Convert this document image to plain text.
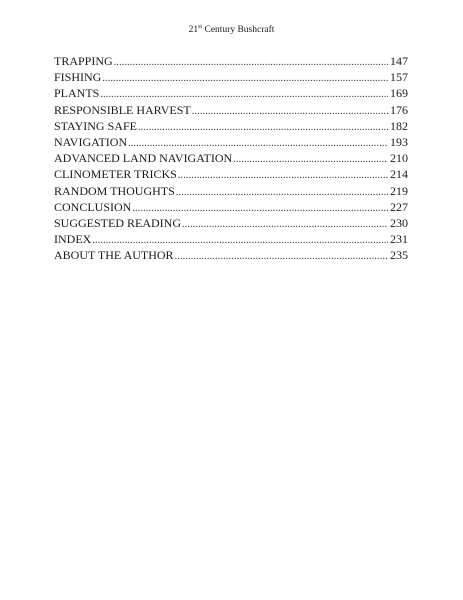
21st Century Bushcraft
TRAPPING .....	147
FISHING .....	157
PLANTS .....	169
RESPONSIBLE HARVEST .....	176
STAYING SAFE .....	182
NAVIGATION .....	193
ADVANCED LAND NAVIGATION .....	210
CLINOMETER TRICKS .....	214
RANDOM THOUGHTS .....	219
CONCLUSION .....	227
SUGGESTED READING .....	230
INDEX .....	231
ABOUT THE AUTHOR .....	235
